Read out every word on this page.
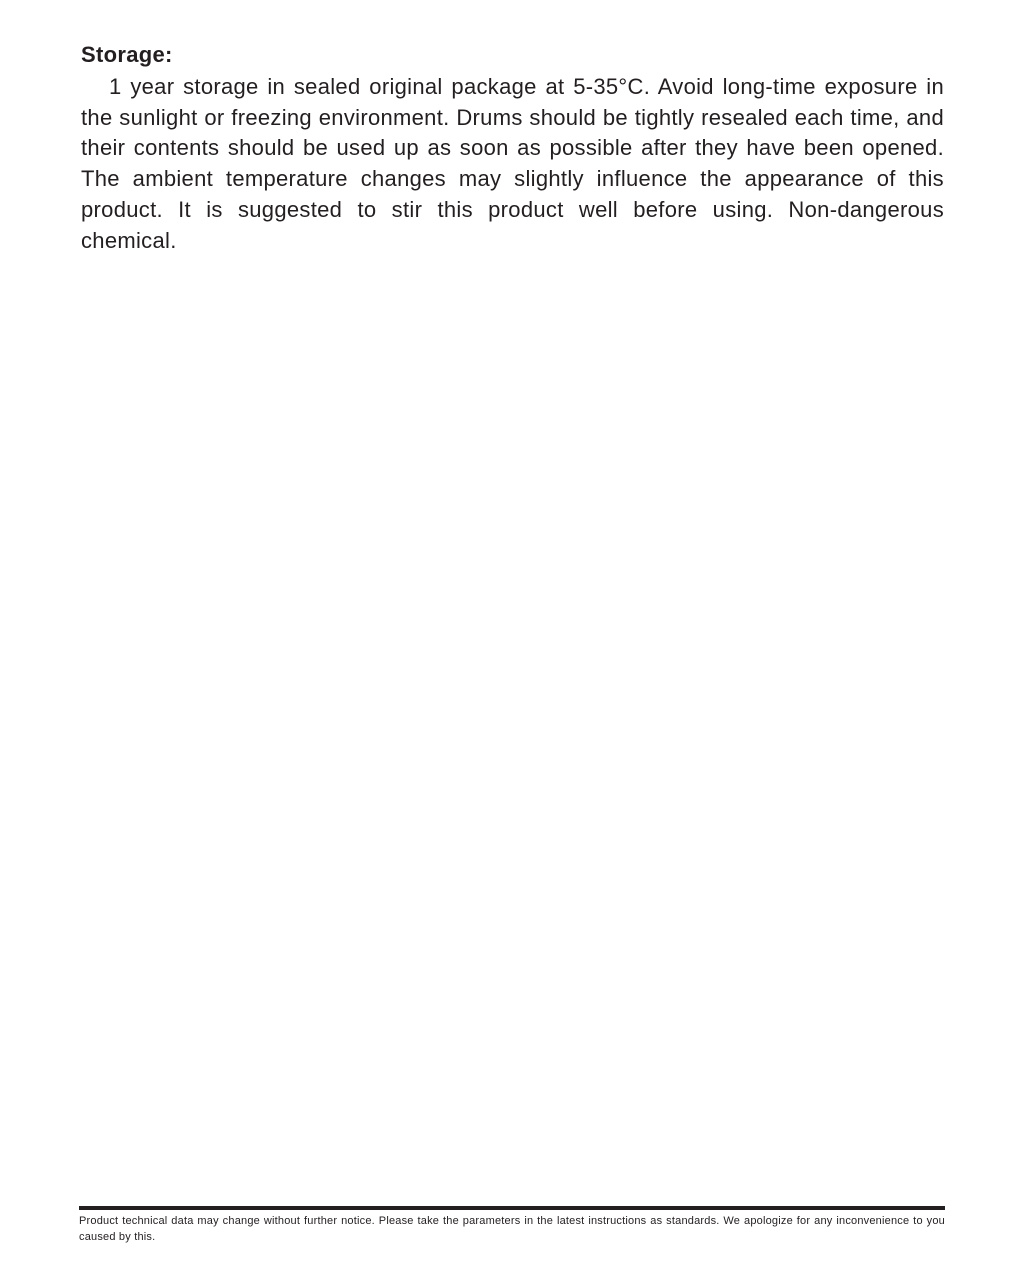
Storage:

1 year storage in sealed original package at 5-35°C. Avoid long-time exposure in the sunlight or freezing environment. Drums should be tightly resealed each time, and their contents should be used up as soon as possible after they have been opened. The ambient temperature changes may slightly influence the appearance of this product. It is suggested to stir this product well before using. Non-dangerous chemical.

Product technical data may change without further notice. Please take the parameters in the latest instructions as standards. We apologize for any inconvenience to you caused by this.
